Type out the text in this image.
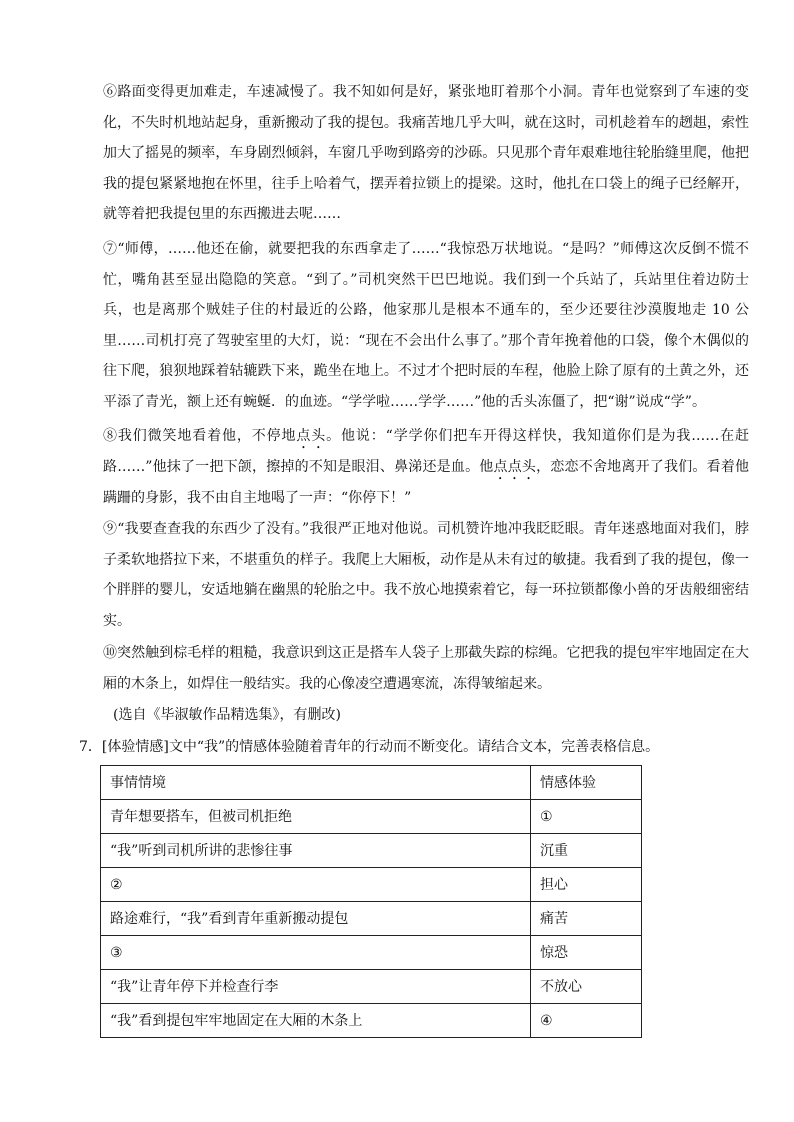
⑥路面变得更加难走，车速减慢了。我不知如何是好，紧张地盯着那个小洞。青年也觉察到了车速的变化，不失时机地站起身，重新搬动了我的提包。我痛苦地几乎大叫，就在这时，司机趁着车的趔趄，索性加大了摇晃的频率，车身剧烈倾斜，车窗几乎吻到路旁的沙砾。只见那个青年艰难地往轮胎缝里爬，他把我的提包紧紧地抱在怀里，往手上哈着气，摆弄着拉锁上的提梁。这时，他扎在口袋上的绳子已经解开，就等着把我提包里的东西搬进去呢……
⑦“师傅，……他还在偷，就要把我的东西拿走了……“我惊恐万状地说。“是吗？”师傅这次反倒不慌不忙，嘴角甚至显出隐隐的笑意。“到了。”司机突然干巴巴地说。我们到一个兵站了，兵站里住着边防士兵，也是离那个贼娃子住的村最近的公路，他家那儿是根本不通车的，至少还要往沙漠腹地走 10 公里……司机打亮了驾驶室里的大灯，说：“现在不会出什么事了。”那个青年挽着他的口袋，像个木偶似的往下爬，狼狈地踩着轱辘跌下来，跪坐在地上。不过才个把时辰的车程，他脸上除了原有的土黄之外，还平添了青光，额上还有蜿蜒．的血迹。“学学啦……学学……”他的舌头冻僵了，把“谢”说成“学”。
⑧我们微笑地看着他，不停地点头。他说：“学学你们把车开得这样快，我知道你们是为我……在赶路……”他抹了一把下颌，擦掉的不知是眼泪、鼻涕还是血。他点点头，恋恋不舍地离开了我们。看着他蹒跚的身影，我不由自主地喝了一声：“你停下！”
⑨“我要查查我的东西少了没有。”我很严正地对他说。司机赞许地冲我眨眨眼。青年迷惑地面对我们，脖子柔软地搭拉下来，不堪重负的样子。我爬上大厢板，动作是从未有过的敏捷。我看到了我的提包，像一个胖胖的婴儿，安适地躺在幽黑的轮胎之中。我不放心地摸索着它，每一环拉锁都像小兽的牙齿般细密结实。
⑩突然触到棕毛样的粗糙，我意识到这正是搭车人袋子上那截失踪的棕绳。它把我的提包牢牢地固定在大厢的木条上，如焊住一般结实。我的心像凌空遭遇寒流，冻得皱缩起来。
(选自《毕淑敏作品精选集》，有删改)
7．[体验情感]文中“我”的情感体验随着青年的行动而不断变化。请结合文本，完善表格信息。
事情情境	情感体验
青年想要搭车，但被司机拒绝	①
“我”听到司机所讲的悲惨往事	沉重
②	担心
路途难行，“我”看到青年重新搬动提包	痛苦
③	惊恐
“我”让青年停下并检查行李	不放心
“我”看到提包牢牢地固定在大厢的木条上	④
